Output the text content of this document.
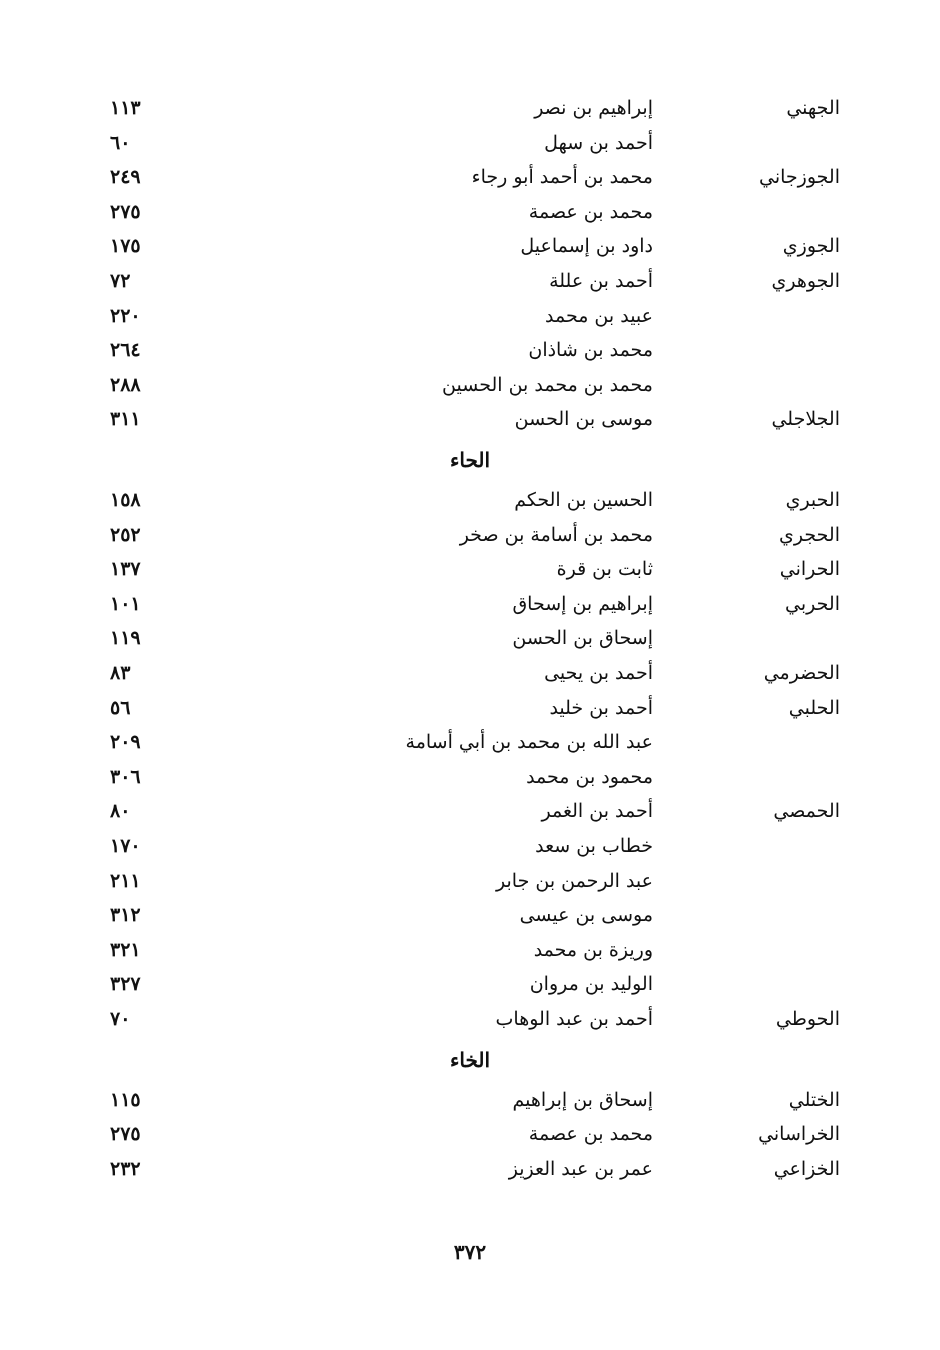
الجهني
إبراهيم بن نصر
١١٣
أحمد بن سهل
٦٠
الجوزجاني
محمد بن أحمد أبو رجاء
٢٤٩
محمد بن عصمة
٢٧٥
الجوزي
داود بن إسماعيل
١٧٥
الجوهري
أحمد بن عللة
٧٢
عبيد بن محمد
٢٢٠
محمد بن شاذان
٢٦٤
محمد بن محمد بن الحسين
٢٨٨
الجلاجلي
موسى بن الحسن
٣١١
الحاء
الحبري
الحسين بن الحكم
١٥٨
الحجري
محمد بن أسامة بن صخر
٢٥٢
الحراني
ثابت بن قرة
١٣٧
الحربي
إبراهيم بن إسحاق
١٠١
إسحاق بن الحسن
١١٩
الحضرمي
أحمد بن يحيى
٨٣
الحلبي
أحمد بن خليد
٥٦
عبد الله بن محمد بن أبي أسامة
٢٠٩
محمود بن محمد
٣٠٦
الحمصي
أحمد بن الغمر
٨٠
خطاب بن سعد
١٧٠
عبد الرحمن بن جابر
٢١١
موسى بن عيسى
٣١٢
وريزة بن محمد
٣٢١
الوليد بن مروان
٣٢٧
الحوطي
أحمد بن عبد الوهاب
٧٠
الخاء
الختلي
إسحاق بن إبراهيم
١١٥
الخراساني
محمد بن عصمة
٢٧٥
الخزاعي
عمر بن عبد العزيز
٢٣٢
٣٧٢
